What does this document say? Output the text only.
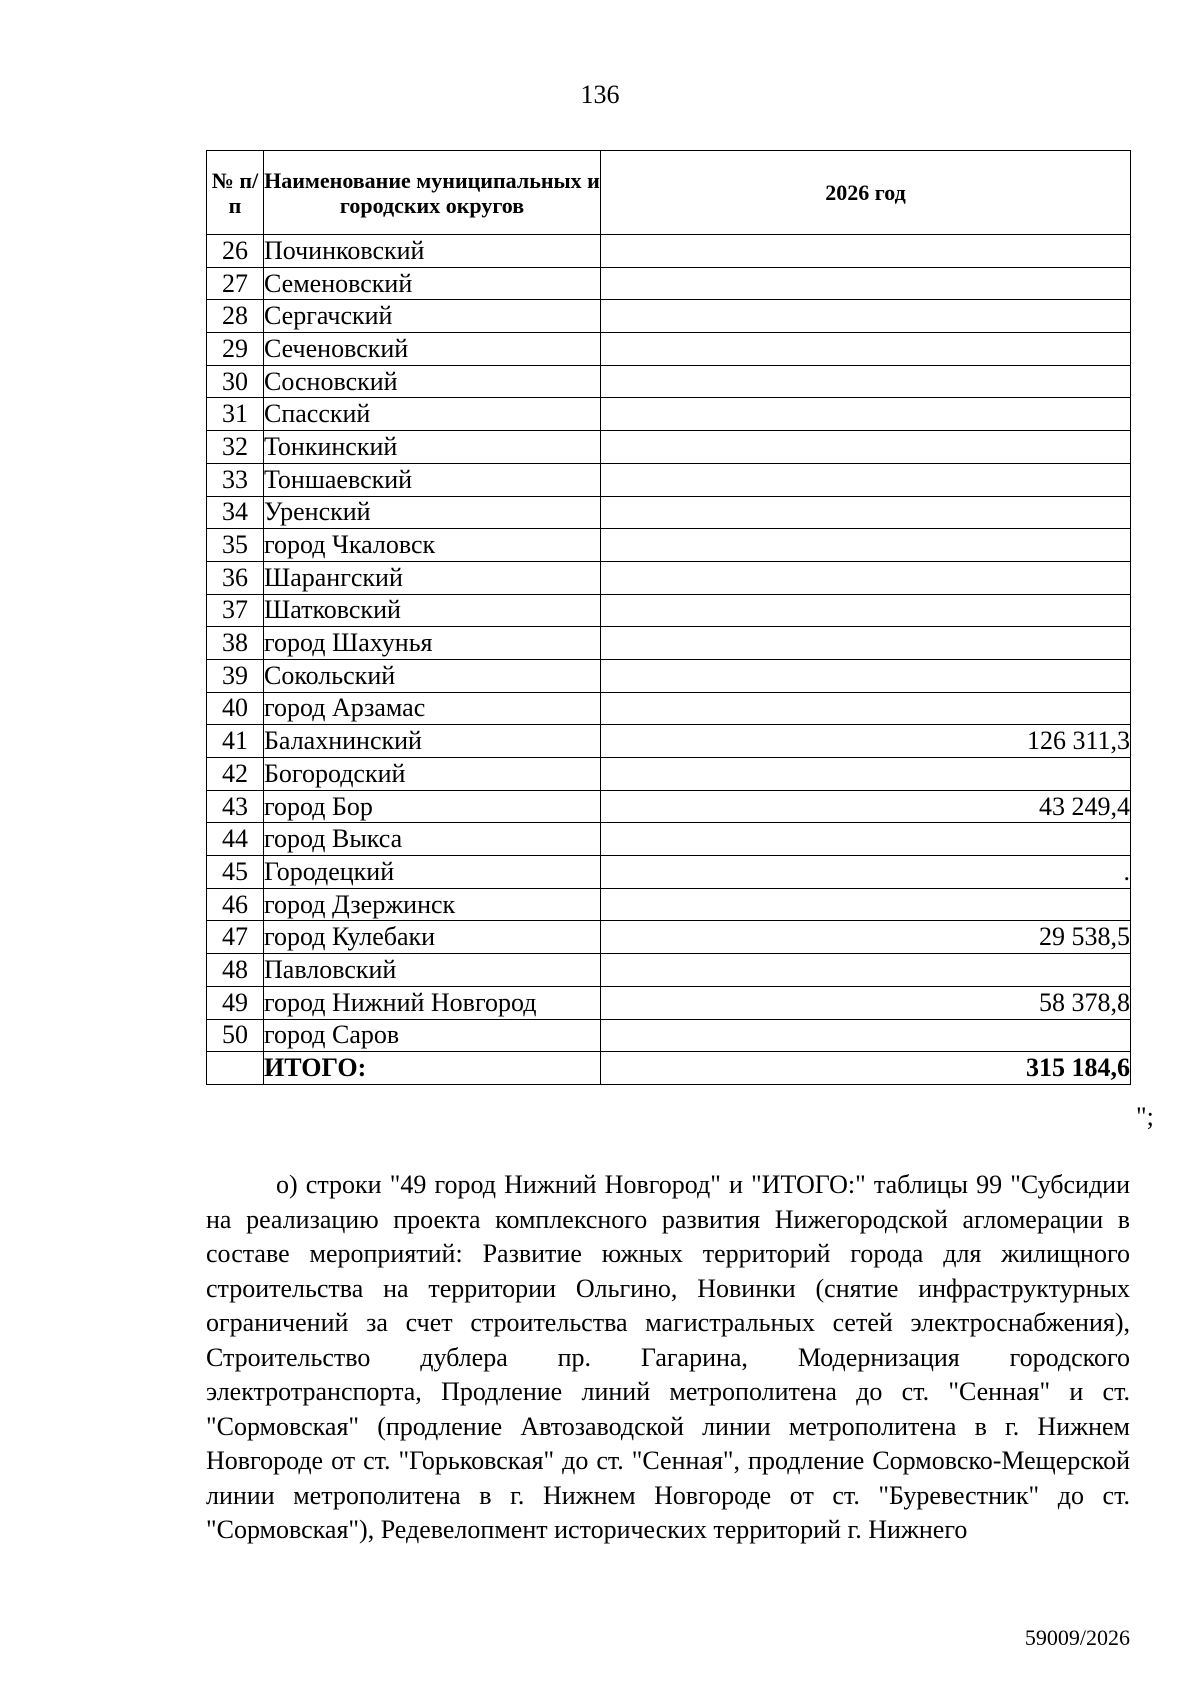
136
№ п/п	Наименование муниципальных и городских округов	2026 год
26	Починковский	
27	Семеновский	
28	Сергачский	
29	Сеченовский	
30	Сосновский	
31	Спасский	
32	Тонкинский	
33	Тоншаевский	
34	Уренский	
35	город Чкаловск	
36	Шарангский	
37	Шатковский	
38	город Шахунья	
39	Сокольский	
40	город Арзамас	
41	Балахнинский	126 311,3
42	Богородский	
43	город Бор	43 249,4
44	город Выкса	
45	Городецкий	.
46	город Дзержинск	
47	город Кулебаки	29 538,5
48	Павловский	
49	город Нижний Новгород	58 378,8
50	город Саров	
	ИТОГО:	315 184,6
";

о) строки "49 город Нижний Новгород" и "ИТОГО:" таблицы 99 "Субсидии на реализацию проекта комплексного развития Нижегородской агломерации в составе мероприятий: Развитие южных территорий города для жилищного строительства на территории Ольгино, Новинки (снятие инфраструктурных ограничений за счет строительства магистральных сетей электроснабжения), Строительство дублера пр. Гагарина, Модернизация городского электротранспорта, Продление линий метрополитена до ст. "Сенная" и ст. "Сормовская" (продление Автозаводской линии метрополитена в г. Нижнем Новгороде от ст. "Горьковская" до ст. "Сенная", продление Сормовско-Мещерской линии метрополитена в г. Нижнем Новгороде от ст. "Буревестник" до ст. "Сормовская"), Редевелопмент исторических территорий г. Нижнего

59009/2026
